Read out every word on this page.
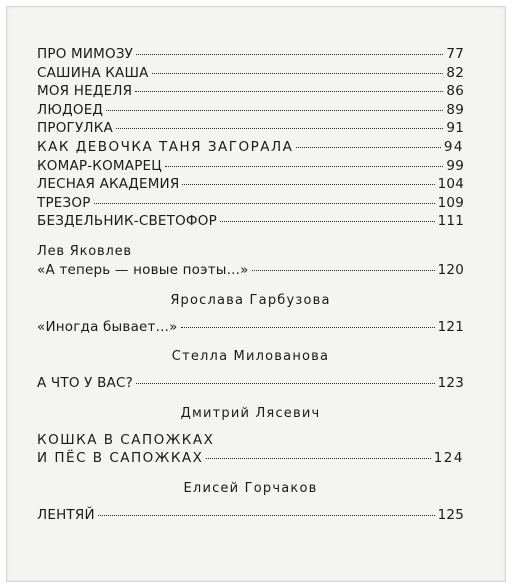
ПРО МИМОЗУ	77
САШИНА КАША	82
МОЯ НЕДЕЛЯ	86
ЛЮДОЕД	89
ПРОГУЛКА	91
КАК ДЕВОЧКА ТАНЯ ЗАГОРАЛА	94
КОМАР-КОМАРЕЦ	99
ЛЕСНАЯ АКАДЕМИЯ	104
ТРЕЗОР	109
БЕЗДЕЛЬНИК-СВЕТОФОР	111
Лев Яковлев
«А теперь — новые поэты...»	120
Ярослава Гарбузова
«Иногда бывает...»	121
Стелла Милованова
А ЧТО У ВАС?	123
Дмитрий Лясевич
КОШКА В САПОЖКАХ
И ПЁС В САПОЖКАХ	124
Елисей Горчаков
ЛЕНТЯЙ	125
